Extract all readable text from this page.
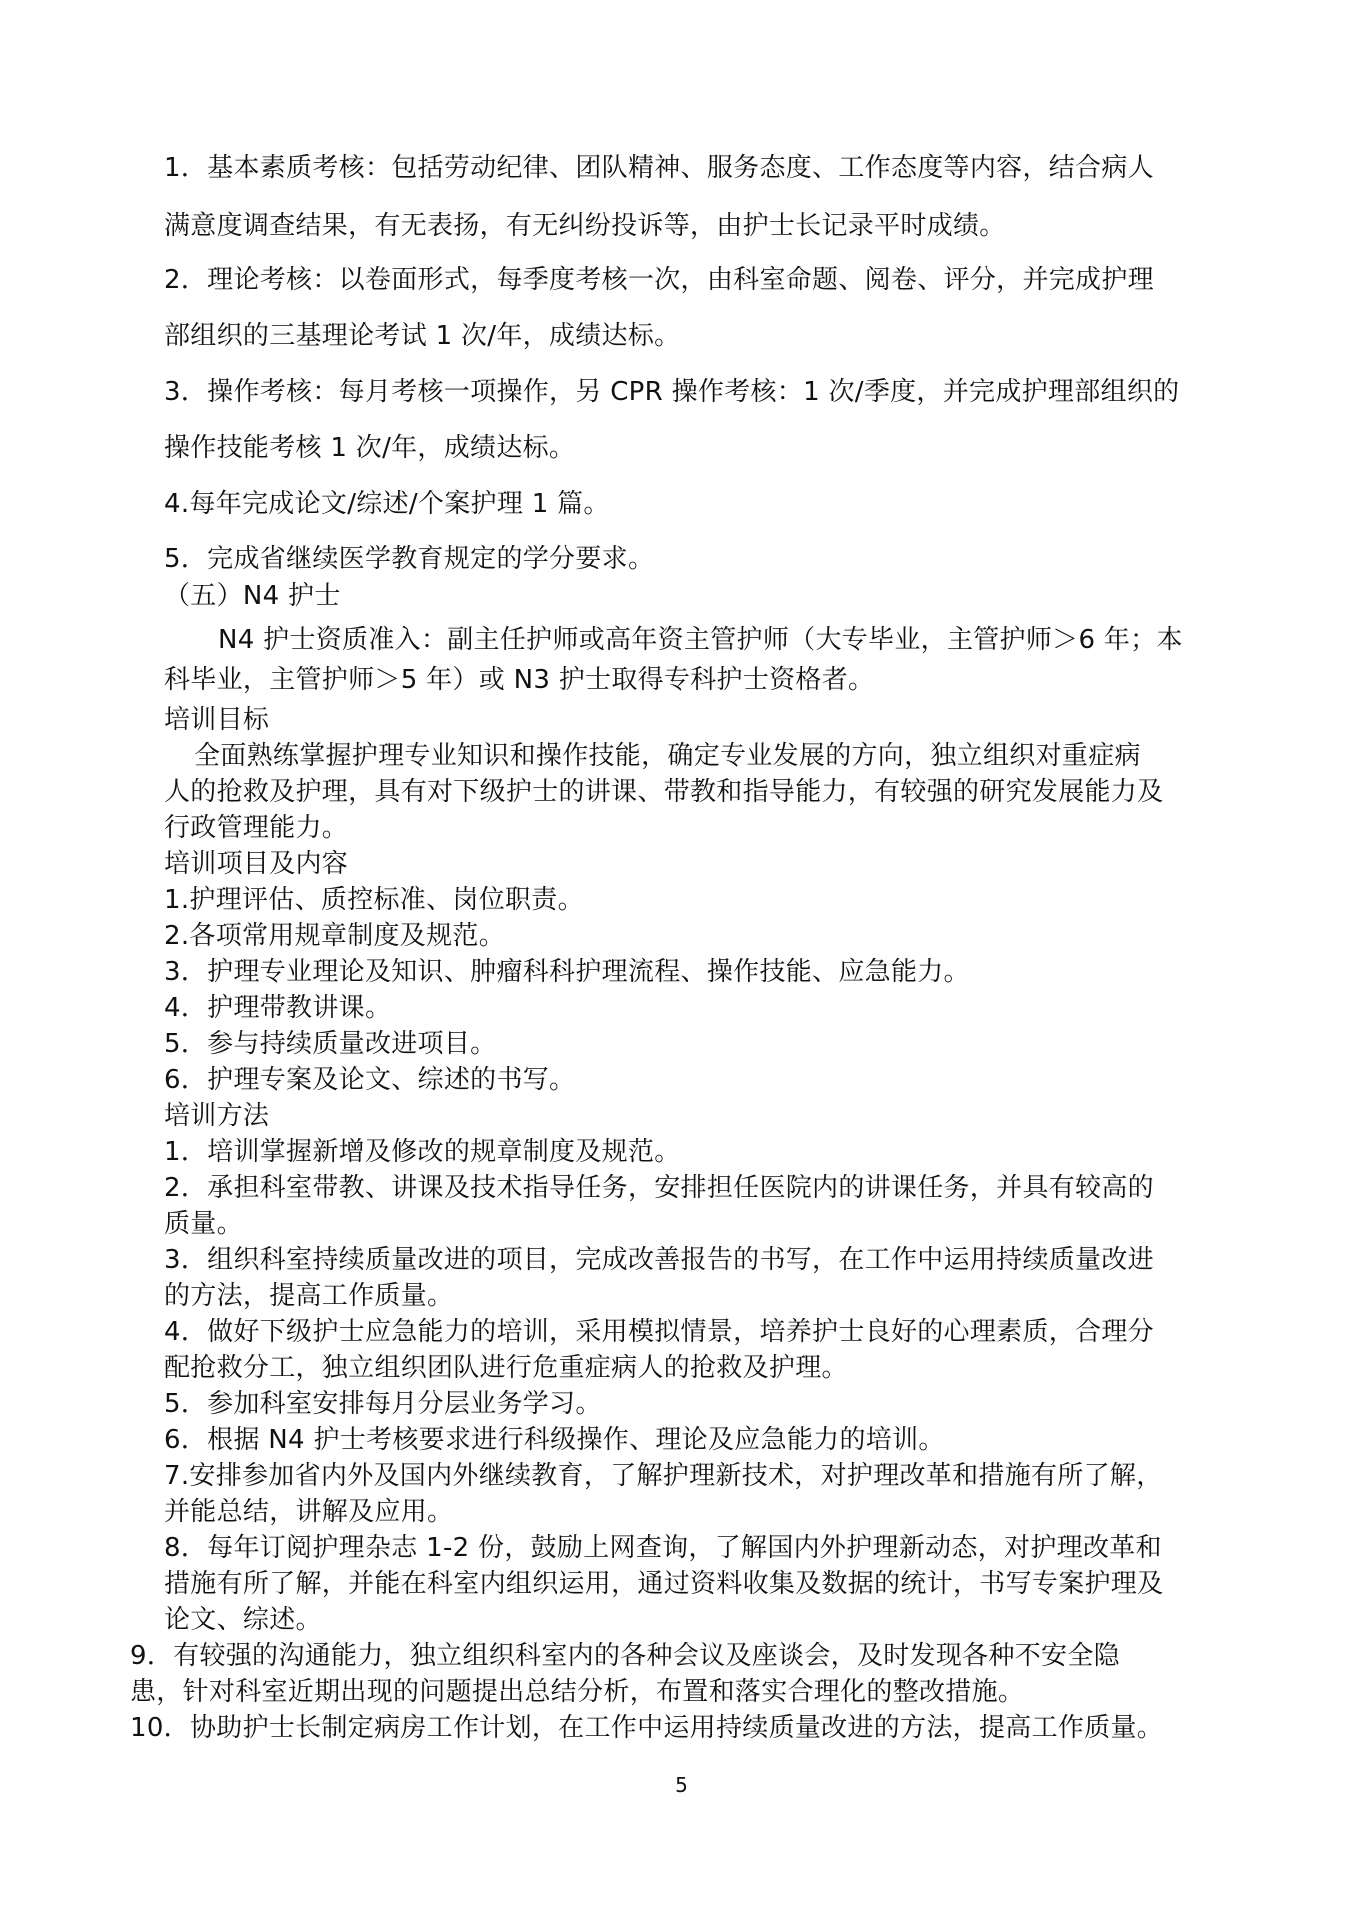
1．基本素质考核：包括劳动纪律、团队精神、服务态度、工作态度等内容，结合病人
满意度调查结果，有无表扬，有无纠纷投诉等，由护士长记录平时成绩。
2．理论考核：以卷面形式，每季度考核一次，由科室命题、阅卷、评分，并完成护理
部组织的三基理论考试 1 次/年，成绩达标。
3．操作考核：每月考核一项操作，另 CPR 操作考核：1 次/季度，并完成护理部组织的
操作技能考核 1 次/年，成绩达标。
4.每年完成论文/综述/个案护理 1 篇。
5．完成省继续医学教育规定的学分要求。
（五）N4 护士
N4 护士资质准入：副主任护师或高年资主管护师（大专毕业，主管护师＞6 年；本
科毕业，主管护师＞5 年）或 N3 护士取得专科护士资格者。
培训目标
全面熟练掌握护理专业知识和操作技能，确定专业发展的方向，独立组织对重症病
人的抢救及护理，具有对下级护士的讲课、带教和指导能力，有较强的研究发展能力及
行政管理能力。
培训项目及内容
1.护理评估、质控标准、岗位职责。
2.各项常用规章制度及规范。
3．护理专业理论及知识、肿瘤科科护理流程、操作技能、应急能力。
4．护理带教讲课。
5．参与持续质量改进项目。
6．护理专案及论文、综述的书写。
培训方法
1．培训掌握新增及修改的规章制度及规范。
2．承担科室带教、讲课及技术指导任务，安排担任医院内的讲课任务，并具有较高的
质量。
3．组织科室持续质量改进的项目，完成改善报告的书写，在工作中运用持续质量改进
的方法，提高工作质量。
4．做好下级护士应急能力的培训，采用模拟情景，培养护士良好的心理素质，合理分
配抢救分工，独立组织团队进行危重症病人的抢救及护理。
5．参加科室安排每月分层业务学习。
6．根据 N4 护士考核要求进行科级操作、理论及应急能力的培训。
7.安排参加省内外及国内外继续教育，了解护理新技术，对护理改革和措施有所了解，
并能总结，讲解及应用。
8．每年订阅护理杂志 1-2 份，鼓励上网查询，了解国内外护理新动态，对护理改革和
措施有所了解，并能在科室内组织运用，通过资料收集及数据的统计，书写专案护理及
论文、综述。
9．有较强的沟通能力，独立组织科室内的各种会议及座谈会，及时发现各种不安全隐
患，针对科室近期出现的问题提出总结分析，布置和落实合理化的整改措施。
10．协助护士长制定病房工作计划，在工作中运用持续质量改进的方法，提高工作质量。
5
